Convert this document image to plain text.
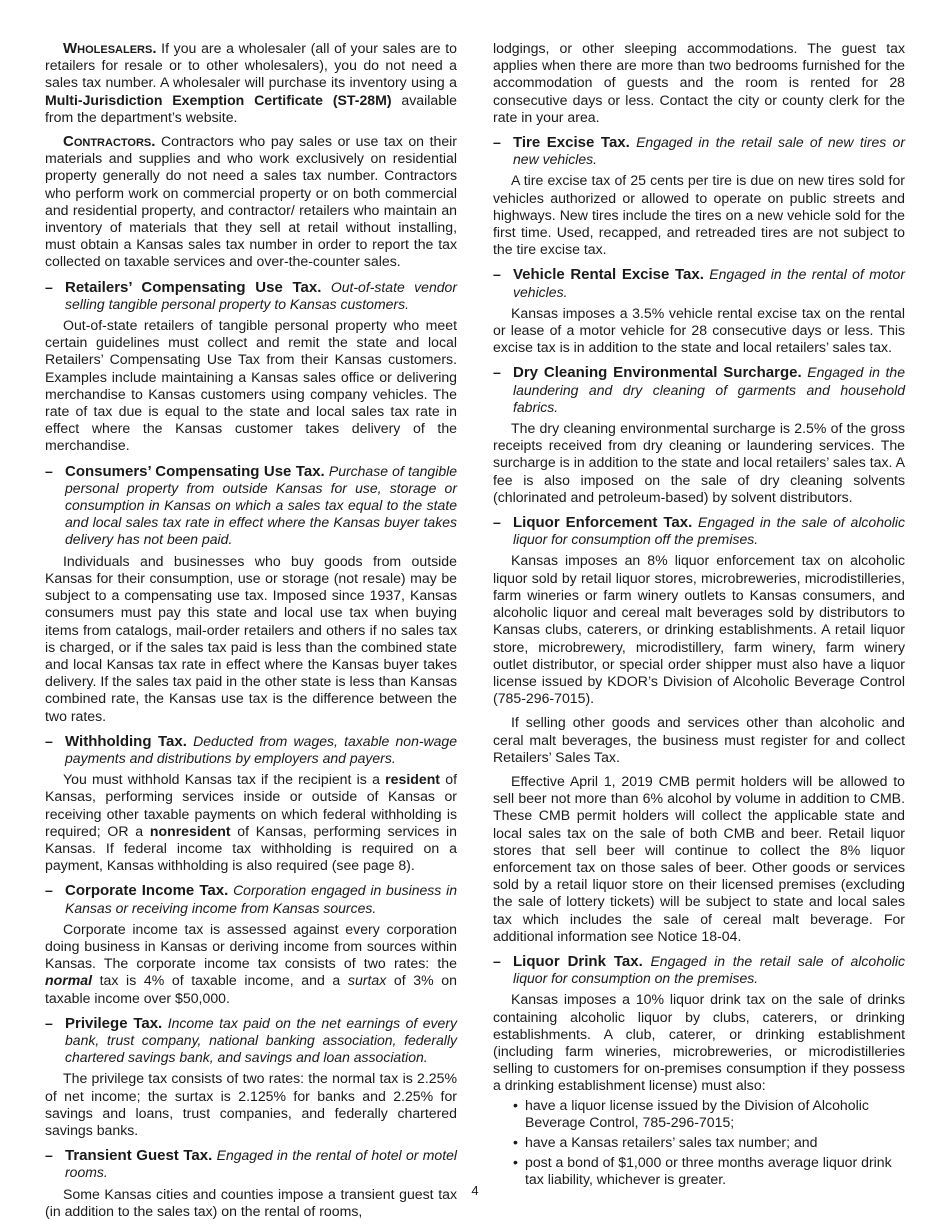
Wholesalers. If you are a wholesaler (all of your sales are to retailers for resale or to other wholesalers), you do not need a sales tax number. A wholesaler will purchase its inventory using a Multi-Jurisdiction Exemption Certificate (ST-28M) available from the department’s website.
Contractors. Contractors who pay sales or use tax on their materials and supplies and who work exclusively on residential property generally do not need a sales tax number. Contractors who perform work on commercial property or on both commercial and residential property, and contractor/ retailers who maintain an inventory of materials that they sell at retail without installing, must obtain a Kansas sales tax number in order to report the tax collected on taxable services and over-the-counter sales.
– Retailers’ Compensating Use Tax. Out-of-state vendor selling tangible personal property to Kansas customers.
Out-of-state retailers of tangible personal property who meet certain guidelines must collect and remit the state and local Retailers’ Compensating Use Tax from their Kansas customers. Examples include maintaining a Kansas sales office or delivering merchandise to Kansas customers using company vehicles. The rate of tax due is equal to the state and local sales tax rate in effect where the Kansas customer takes delivery of the merchandise.
– Consumers’ Compensating Use Tax. Purchase of tangible personal property from outside Kansas for use, storage or consumption in Kansas on which a sales tax equal to the state and local sales tax rate in effect where the Kansas buyer takes delivery has not been paid.
Individuals and businesses who buy goods from outside Kansas for their consumption, use or storage (not resale) may be subject to a compensating use tax. Imposed since 1937, Kansas consumers must pay this state and local use tax when buying items from catalogs, mail-order retailers and others if no sales tax is charged, or if the sales tax paid is less than the combined state and local Kansas tax rate in effect where the Kansas buyer takes delivery. If the sales tax paid in the other state is less than Kansas combined rate, the Kansas use tax is the difference between the two rates.
– Withholding Tax. Deducted from wages, taxable non-wage payments and distributions by employers and payers.
You must withhold Kansas tax if the recipient is a resident of Kansas, performing services inside or outside of Kansas or receiving other taxable payments on which federal withholding is required; OR a nonresident of Kansas, performing services in Kansas. If federal income tax withholding is required on a payment, Kansas withholding is also required (see page 8).
– Corporate Income Tax. Corporation engaged in business in Kansas or receiving income from Kansas sources.
Corporate income tax is assessed against every corporation doing business in Kansas or deriving income from sources within Kansas. The corporate income tax consists of two rates: the normal tax is 4% of taxable income, and a surtax of 3% on taxable income over $50,000.
– Privilege Tax. Income tax paid on the net earnings of every bank, trust company, national banking association, federally chartered savings bank, and savings and loan association.
The privilege tax consists of two rates: the normal tax is 2.25% of net income; the surtax is 2.125% for banks and 2.25% for savings and loans, trust companies, and federally chartered savings banks.
– Transient Guest Tax. Engaged in the rental of hotel or motel rooms.
Some Kansas cities and counties impose a transient guest tax (in addition to the sales tax) on the rental of rooms,
lodgings, or other sleeping accommodations. The guest tax applies when there are more than two bedrooms furnished for the accommodation of guests and the room is rented for 28 consecutive days or less. Contact the city or county clerk for the rate in your area.
– Tire Excise Tax. Engaged in the retail sale of new tires or new vehicles.
A tire excise tax of 25 cents per tire is due on new tires sold for vehicles authorized or allowed to operate on public streets and highways. New tires include the tires on a new vehicle sold for the first time. Used, recapped, and retreaded tires are not subject to the tire excise tax.
– Vehicle Rental Excise Tax. Engaged in the rental of motor vehicles.
Kansas imposes a 3.5% vehicle rental excise tax on the rental or lease of a motor vehicle for 28 consecutive days or less. This excise tax is in addition to the state and local retailers’ sales tax.
– Dry Cleaning Environmental Surcharge. Engaged in the laundering and dry cleaning of garments and household fabrics.
The dry cleaning environmental surcharge is 2.5% of the gross receipts received from dry cleaning or laundering services. The surcharge is in addition to the state and local retailers’ sales tax. A fee is also imposed on the sale of dry cleaning solvents (chlorinated and petroleum-based) by solvent distributors.
– Liquor Enforcement Tax. Engaged in the sale of alcoholic liquor for consumption off the premises.
Kansas imposes an 8% liquor enforcement tax on alcoholic liquor sold by retail liquor stores, microbreweries, microdistilleries, farm wineries or farm winery outlets to Kansas consumers, and alcoholic liquor and cereal malt beverages sold by distributors to Kansas clubs, caterers, or drinking establishments. A retail liquor store, microbrewery, microdistillery, farm winery, farm winery outlet distributor, or special order shipper must also have a liquor license issued by KDOR’s Division of Alcoholic Beverage Control (785-296-7015).
If selling other goods and services other than alcoholic and ceral malt beverages, the business must register for and collect Retailers’ Sales Tax.
Effective April 1, 2019 CMB permit holders will be allowed to sell beer not more than 6% alcohol by volume in addition to CMB. These CMB permit holders will collect the applicable state and local sales tax on the sale of both CMB and beer. Retail liquor stores that sell beer will continue to collect the 8% liquor enforcement tax on those sales of beer. Other goods or services sold by a retail liquor store on their licensed premises (excluding the sale of lottery tickets) will be subject to state and local sales tax which includes the sale of cereal malt beverage. For additional information see Notice 18-04.
– Liquor Drink Tax. Engaged in the retail sale of alcoholic liquor for consumption on the premises.
Kansas imposes a 10% liquor drink tax on the sale of drinks containing alcoholic liquor by clubs, caterers, or drinking establishments. A club, caterer, or drinking establishment (including farm wineries, microbreweries, or microdistilleries selling to customers for on-premises consumption if they possess a drinking establishment license) must also:
• have a liquor license issued by the Division of Alcoholic Beverage Control, 785-296-7015;
• have a Kansas retailers’ sales tax number; and
• post a bond of $1,000 or three months average liquor drink tax liability, whichever is greater.
4
